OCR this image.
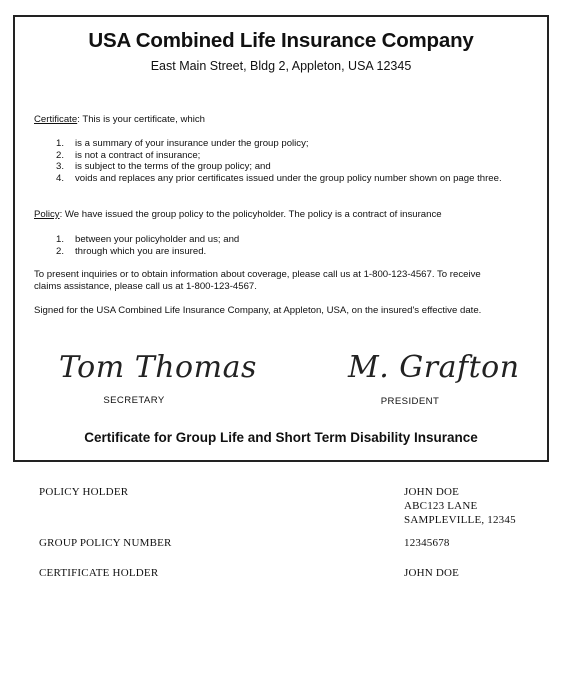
USA Combined Life Insurance Company
East Main Street, Bldg 2, Appleton, USA 12345
Certificate: This is your certificate, which
1. is a summary of your insurance under the group policy;
2. is not a contract of insurance;
3. is subject to the terms of the group policy; and
4. voids and replaces any prior certificates issued under the group policy number shown on page three.
Policy: We have issued the group policy to the policyholder. The policy is a contract of insurance
1. between your policyholder and us; and
2. through which you are insured.
To present inquiries or to obtain information about coverage, please call us at 1-800-123-4567. To receive claims assistance, please call us at 1-800-123-4567.
Signed for the USA Combined Life Insurance Company, at Appleton, USA, on the insured's effective date.
Tom Thomas
SECRETARY
M. Grafton
PRESIDENT
Certificate for Group Life and Short Term Disability Insurance
POLICY HOLDER	JOHN DOE
ABC123 LANE
SAMPLEVILLE, 12345
GROUP POLICY NUMBER	12345678
CERTIFICATE HOLDER	JOHN DOE
